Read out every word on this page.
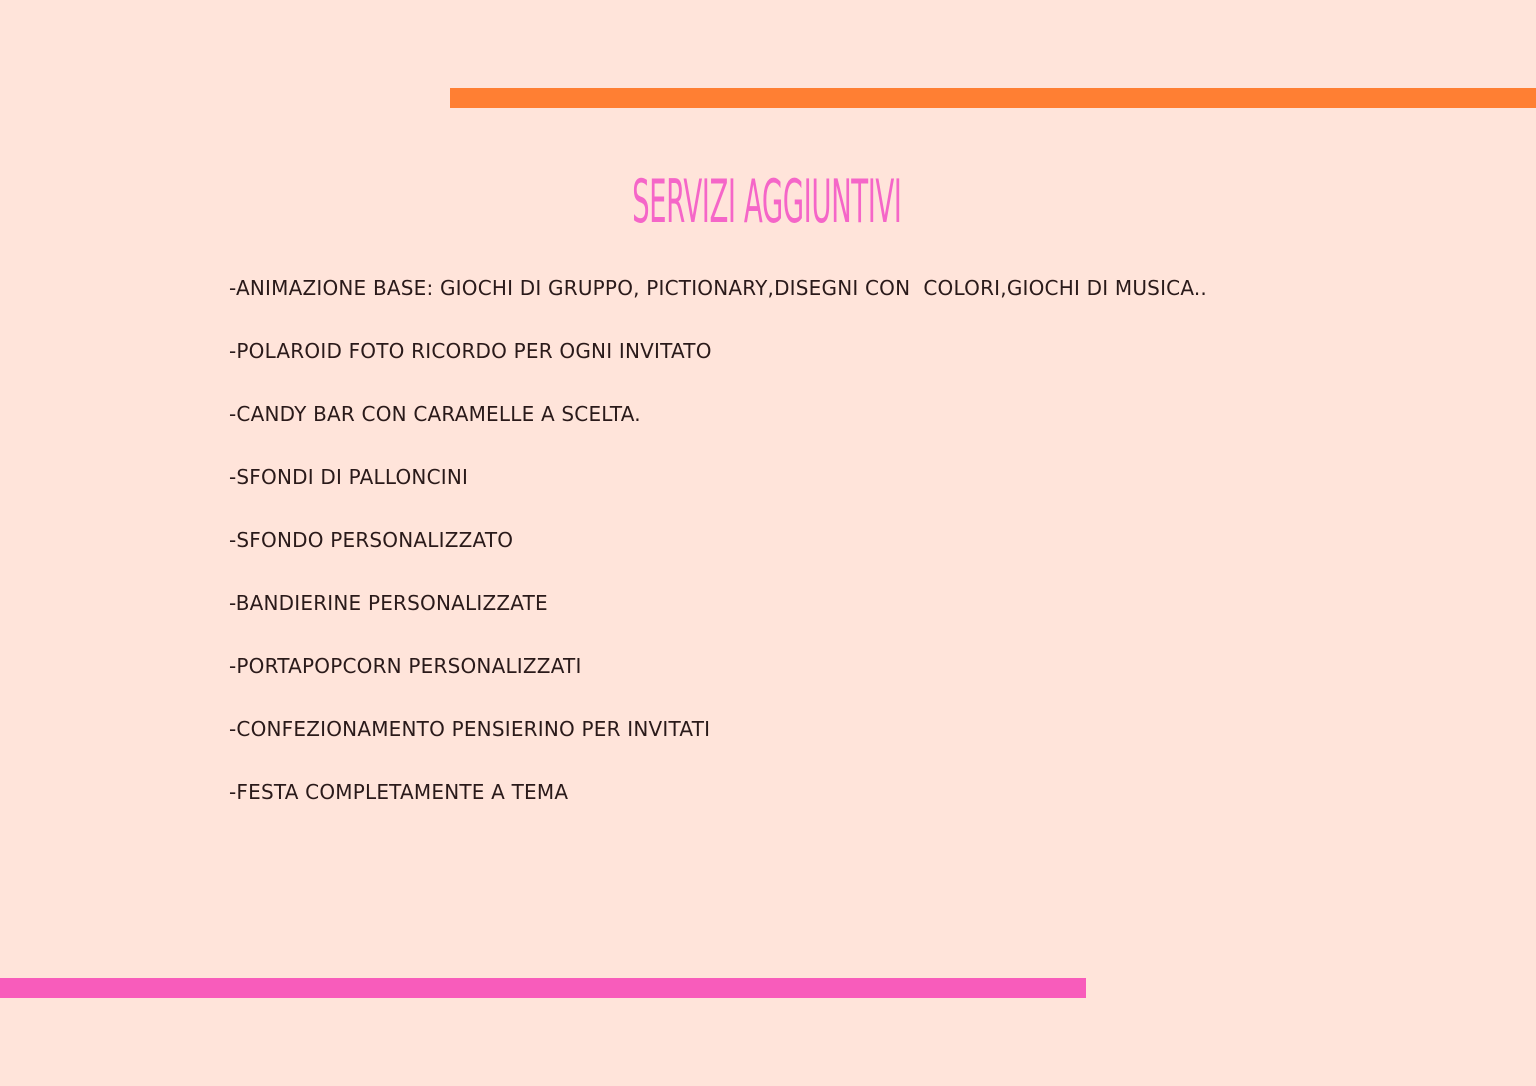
SERVIZI AGGIUNTIVI
-ANIMAZIONE BASE: GIOCHI DI GRUPPO, PICTIONARY,DISEGNI CON  COLORI,GIOCHI DI MUSICA..
-POLAROID FOTO RICORDO PER OGNI INVITATO
-CANDY BAR CON CARAMELLE A SCELTA.
-SFONDI DI PALLONCINI
-SFONDO PERSONALIZZATO
-BANDIERINE PERSONALIZZATE
-PORTAPOPCORN PERSONALIZZATI
-CONFEZIONAMENTO PENSIERINO PER INVITATI
-FESTA COMPLETAMENTE A TEMA
